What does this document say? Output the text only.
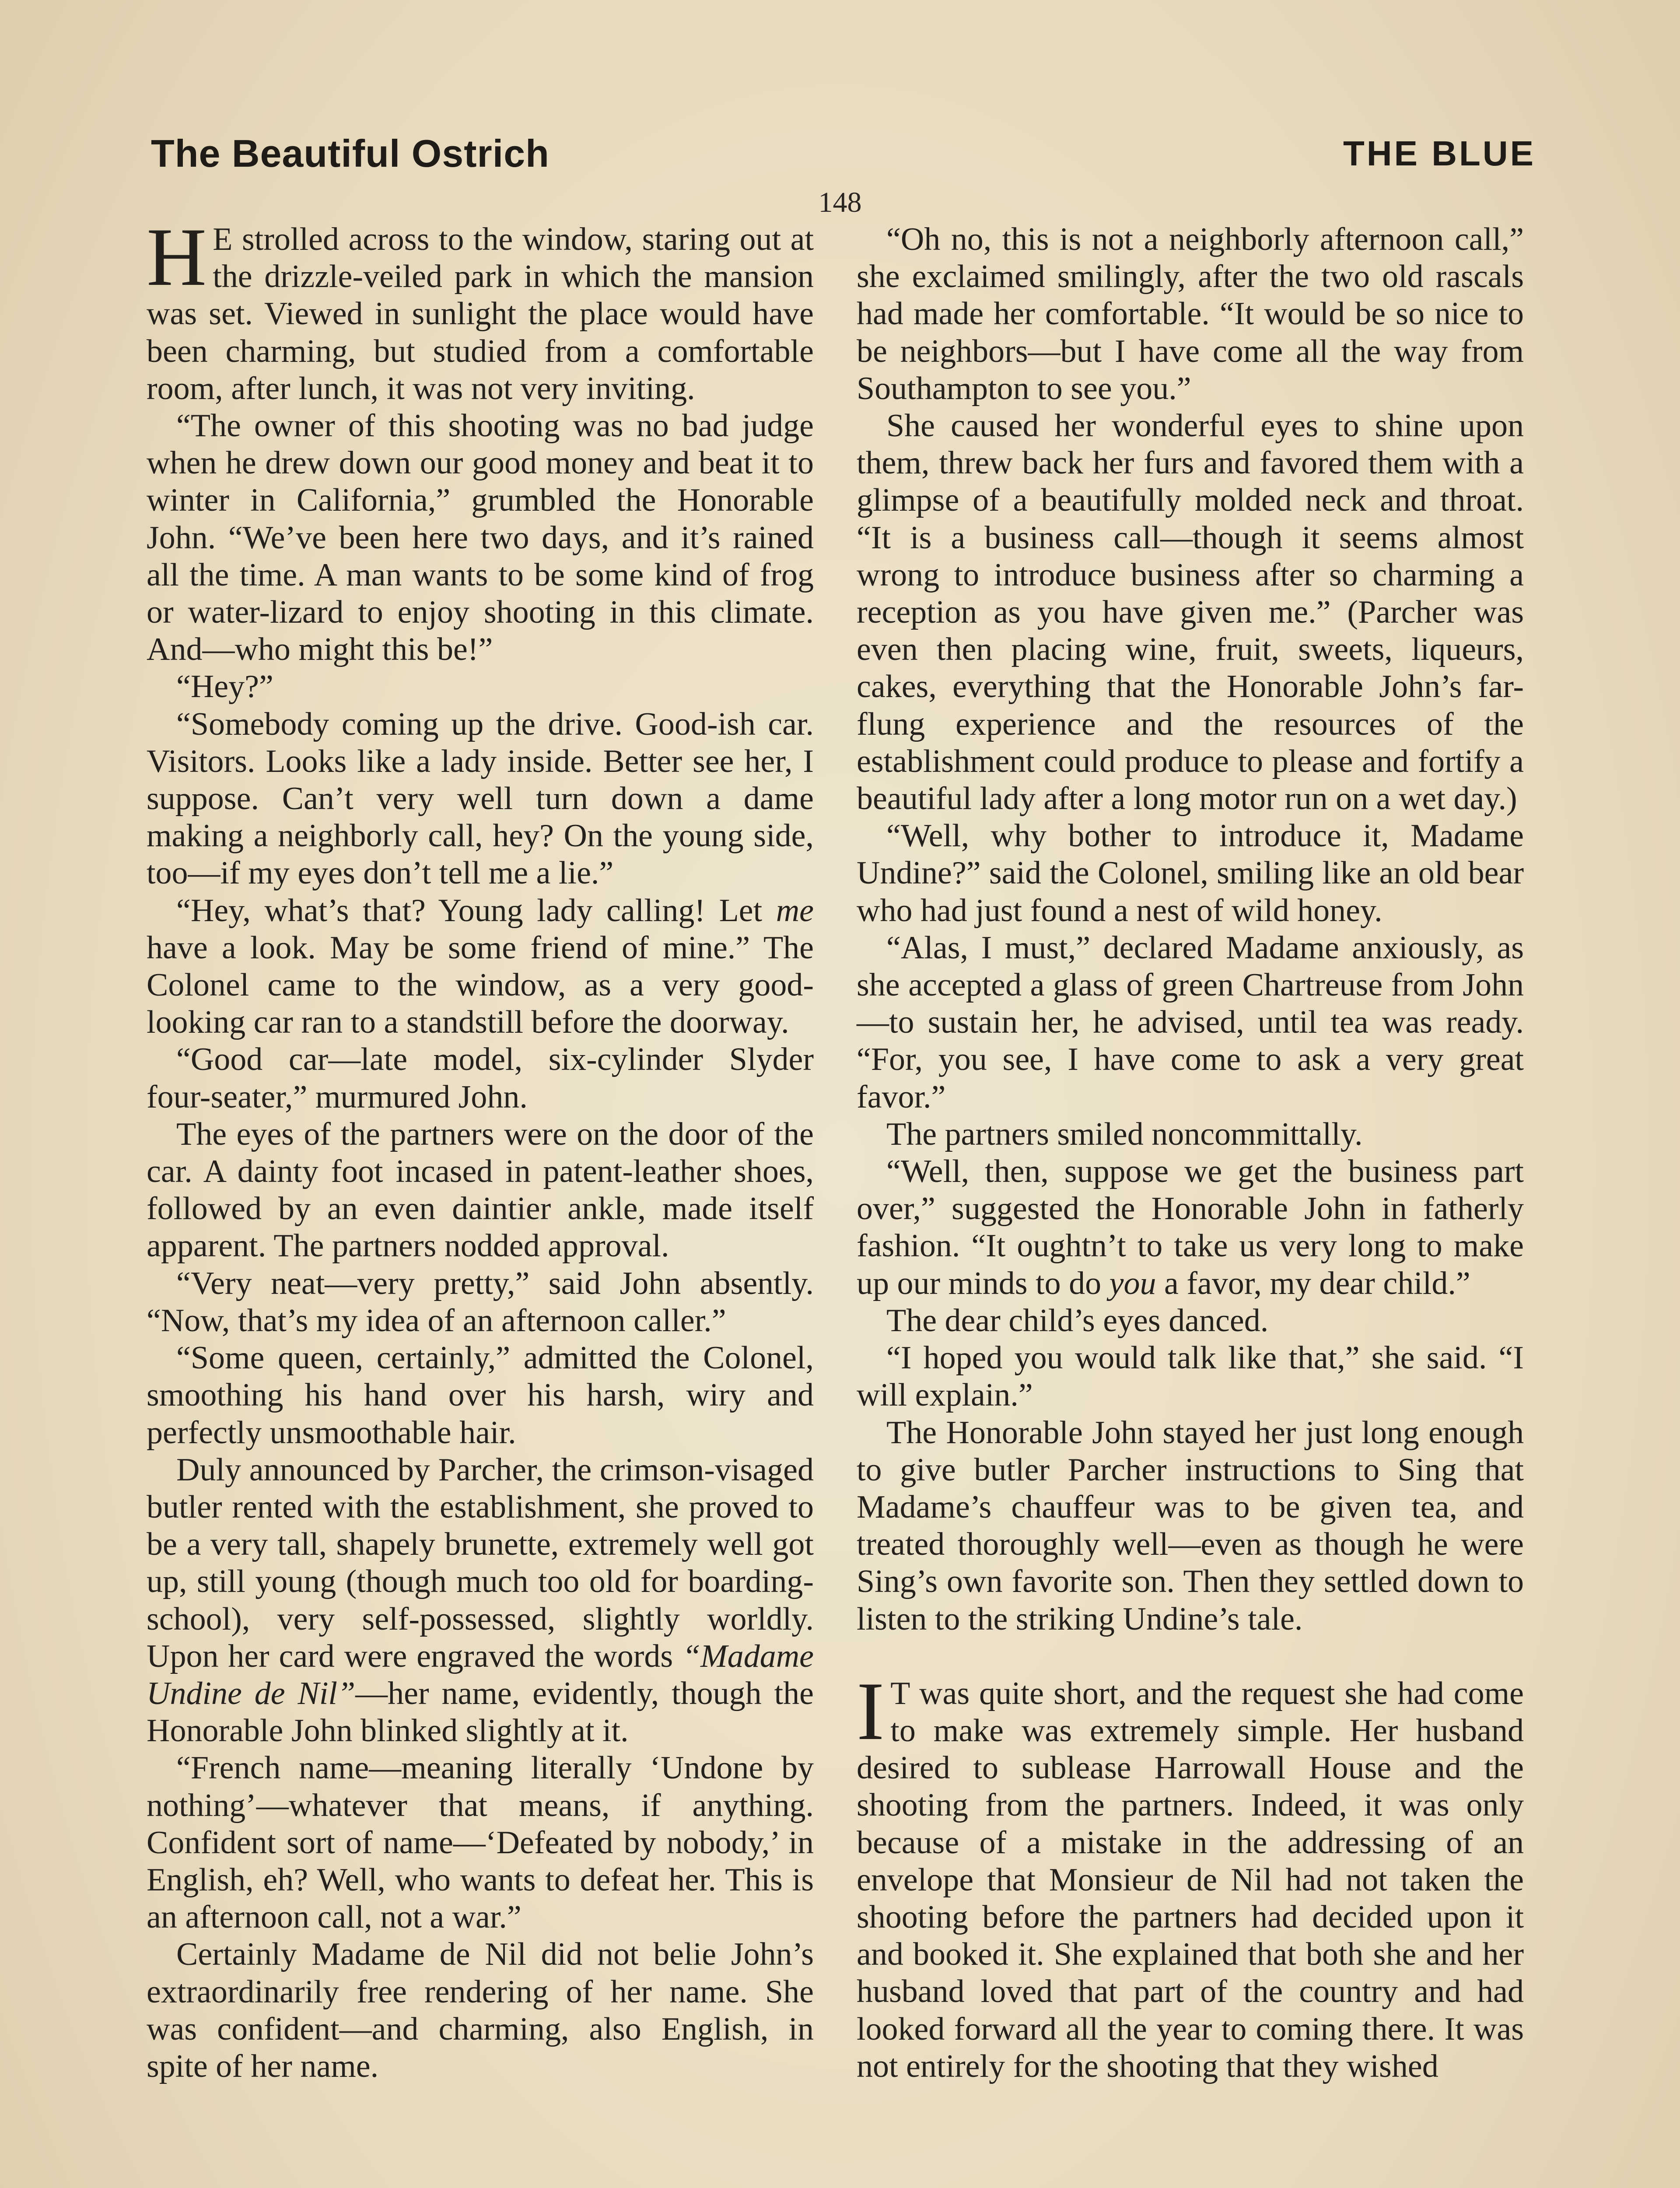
The Beautiful Ostrich	THE BLUE
148

H E strolled across to the window, staring out at the drizzle-veiled park in which the mansion was set. Viewed in sunlight the place would have been charming, but studied from a comfortable room, after lunch, it was not very inviting.

“The owner of this shooting was no bad judge when he drew down our good money and beat it to winter in California,” grumbled the Honorable John. “We’ve been here two days, and it’s rained all the time. A man wants to be some kind of frog or water-lizard to enjoy shooting in this climate. And—who might this be!”

“Hey?”

“Somebody coming up the drive. Good-ish car. Visitors. Looks like a lady inside. Better see her, I suppose. Can’t very well turn down a dame making a neighborly call, hey? On the young side, too—if my eyes don’t tell me a lie.”

“Hey, what’s that? Young lady calling! Let me have a look. May be some friend of mine.” The Colonel came to the window, as a very good-looking car ran to a standstill before the doorway.

“Good car—late model, six-cylinder Slyder four-seater,” murmured John.

The eyes of the partners were on the door of the car. A dainty foot incased in patent-leather shoes, followed by an even daintier ankle, made itself apparent. The partners nodded approval.

“Very neat—very pretty,” said John absently. “Now, that’s my idea of an afternoon caller.”

“Some queen, certainly,” admitted the Colonel, smoothing his hand over his harsh, wiry and perfectly unsmoothable hair.

Duly announced by Parcher, the crimson-visaged butler rented with the establishment, she proved to be a very tall, shapely brunette, extremely well got up, still young (though much too old for boarding-school), very self-possessed, slightly worldly. Upon her card were engraved the words “Madame Undine de Nil”—her name, evidently, though the Honorable John blinked slightly at it.

“French name—meaning literally ‘Undone by nothing’—whatever that means, if anything. Confident sort of name—‘Defeated by nobody,’ in English, eh? Well, who wants to defeat her. This is an afternoon call, not a war.”

Certainly Madame de Nil did not belie John’s extraordinarily free rendering of her name. She was confident—and charming, also English, in spite of her name.

“Oh no, this is not a neighborly afternoon call,” she exclaimed smilingly, after the two old rascals had made her comfortable. “It would be so nice to be neighbors—but I have come all the way from Southampton to see you.”

She caused her wonderful eyes to shine upon them, threw back her furs and favored them with a glimpse of a beautifully molded neck and throat. “It is a business call—though it seems almost wrong to introduce business after so charming a reception as you have given me.” (Parcher was even then placing wine, fruit, sweets, liqueurs, cakes, everything that the Honorable John’s far-flung experience and the resources of the establishment could produce to please and fortify a beautiful lady after a long motor run on a wet day.)

“Well, why bother to introduce it, Madame Undine?” said the Colonel, smiling like an old bear who had just found a nest of wild honey.

“Alas, I must,” declared Madame anxiously, as she accepted a glass of green Chartreuse from John—to sustain her, he advised, until tea was ready. “For, you see, I have come to ask a very great favor.”

The partners smiled noncommittally.

“Well, then, suppose we get the business part over,” suggested the Honorable John in fatherly fashion. “It oughtn’t to take us very long to make up our minds to do you a favor, my dear child.”

The dear child’s eyes danced.

“I hoped you would talk like that,” she said. “I will explain.”

The Honorable John stayed her just long enough to give butler Parcher instructions to Sing that Madame’s chauffeur was to be given tea, and treated thoroughly well—even as though he were Sing’s own favorite son. Then they settled down to listen to the striking Undine’s tale.

I T was quite short, and the request she had come to make was extremely simple. Her husband desired to sublease Harrowall House and the shooting from the partners. Indeed, it was only because of a mistake in the addressing of an envelope that Monsieur de Nil had not taken the shooting before the partners had decided upon it and booked it. She explained that both she and her husband loved that part of the country and had looked forward all the year to coming there. It was not entirely for the shooting that they wished
